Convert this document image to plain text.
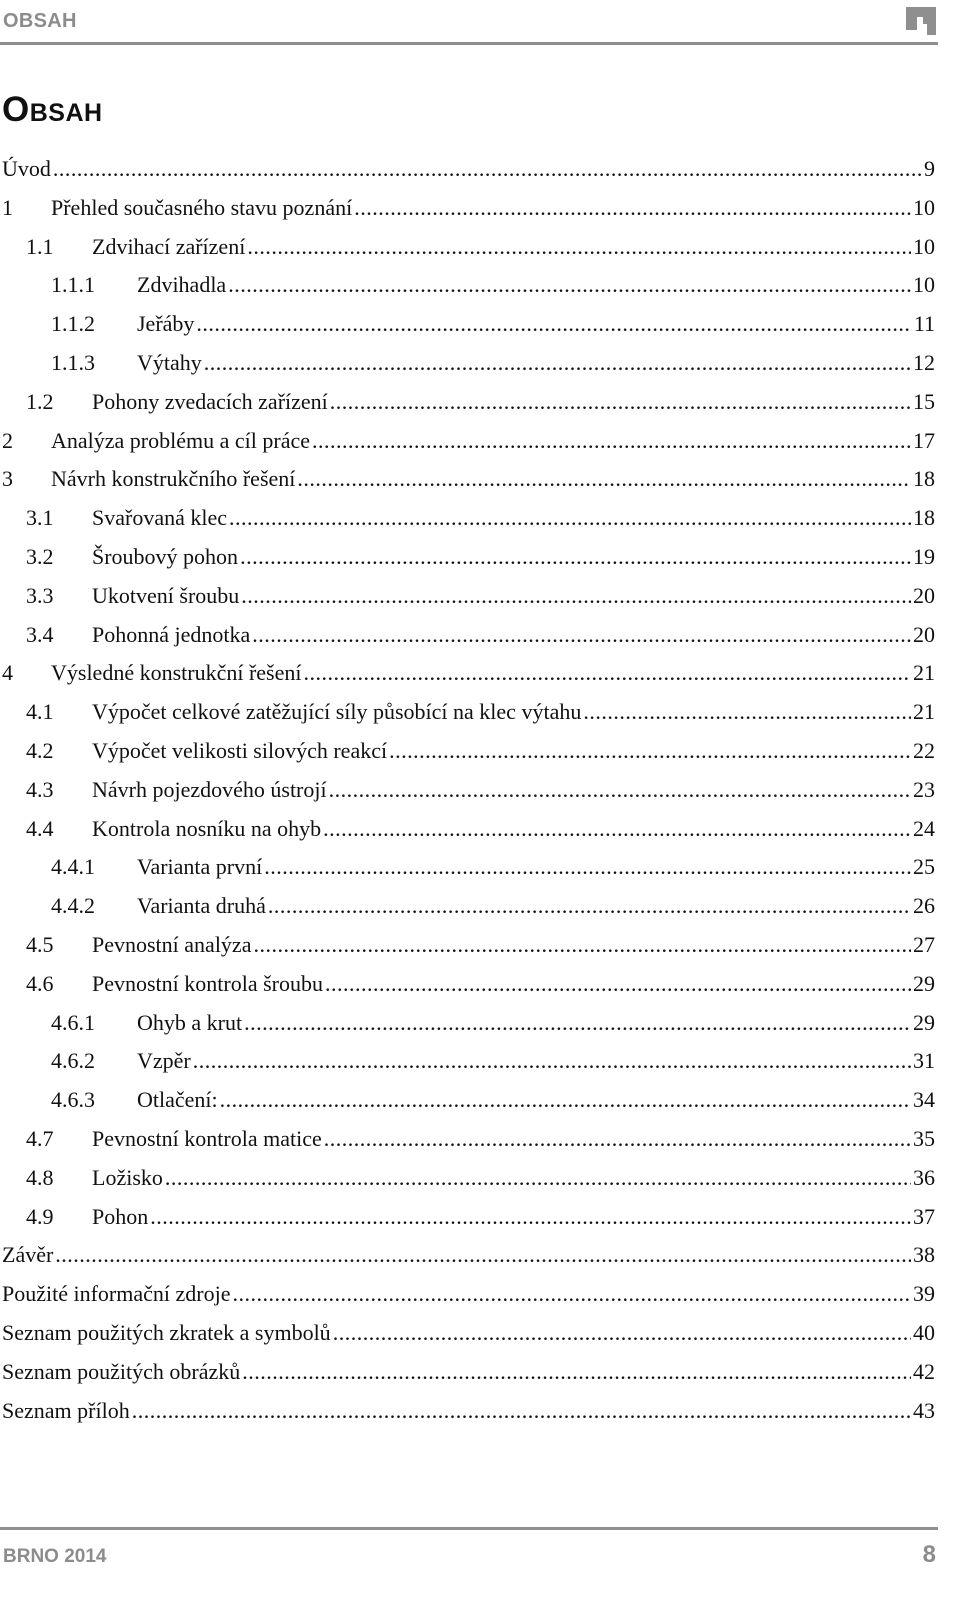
OBSAH
Obsah
Úvod .....	9
1	Přehled současného stavu poznání .....	10
1.1	Zdvihací zařízení .....	10
1.1.1	Zdvihadla .....	10
1.1.2	Jeřáby .....	11
1.1.3	Výtahy .....	12
1.2	Pohony zvedacích zařízení .....	15
2	Analýza problému a cíl práce .....	17
3	Návrh konstrukčního řešení .....	18
3.1	Svařovaná klec .....	18
3.2	Šroubový pohon .....	19
3.3	Ukotvení šroubu .....	20
3.4	Pohonná jednotka .....	20
4	Výsledné konstrukční řešení .....	21
4.1	Výpočet celkové zatěžující síly působící na klec výtahu .....	21
4.2	Výpočet velikosti silových reakcí .....	22
4.3	Návrh pojezdového ústrojí .....	23
4.4	Kontrola nosníku na ohyb .....	24
4.4.1	Varianta první .....	25
4.4.2	Varianta druhá .....	26
4.5	Pevnostní analýza .....	27
4.6	Pevnostní kontrola šroubu .....	29
4.6.1	Ohyb a krut .....	29
4.6.2	Vzpěr .....	31
4.6.3	Otlačení: .....	34
4.7	Pevnostní kontrola matice .....	35
4.8	Ložisko .....	36
4.9	Pohon .....	37
Závěr .....	38
Použité informační zdroje .....	39
Seznam použitých zkratek a symbolů .....	40
Seznam použitých obrázků .....	42
Seznam příloh .....	43
BRNO 2014	8
